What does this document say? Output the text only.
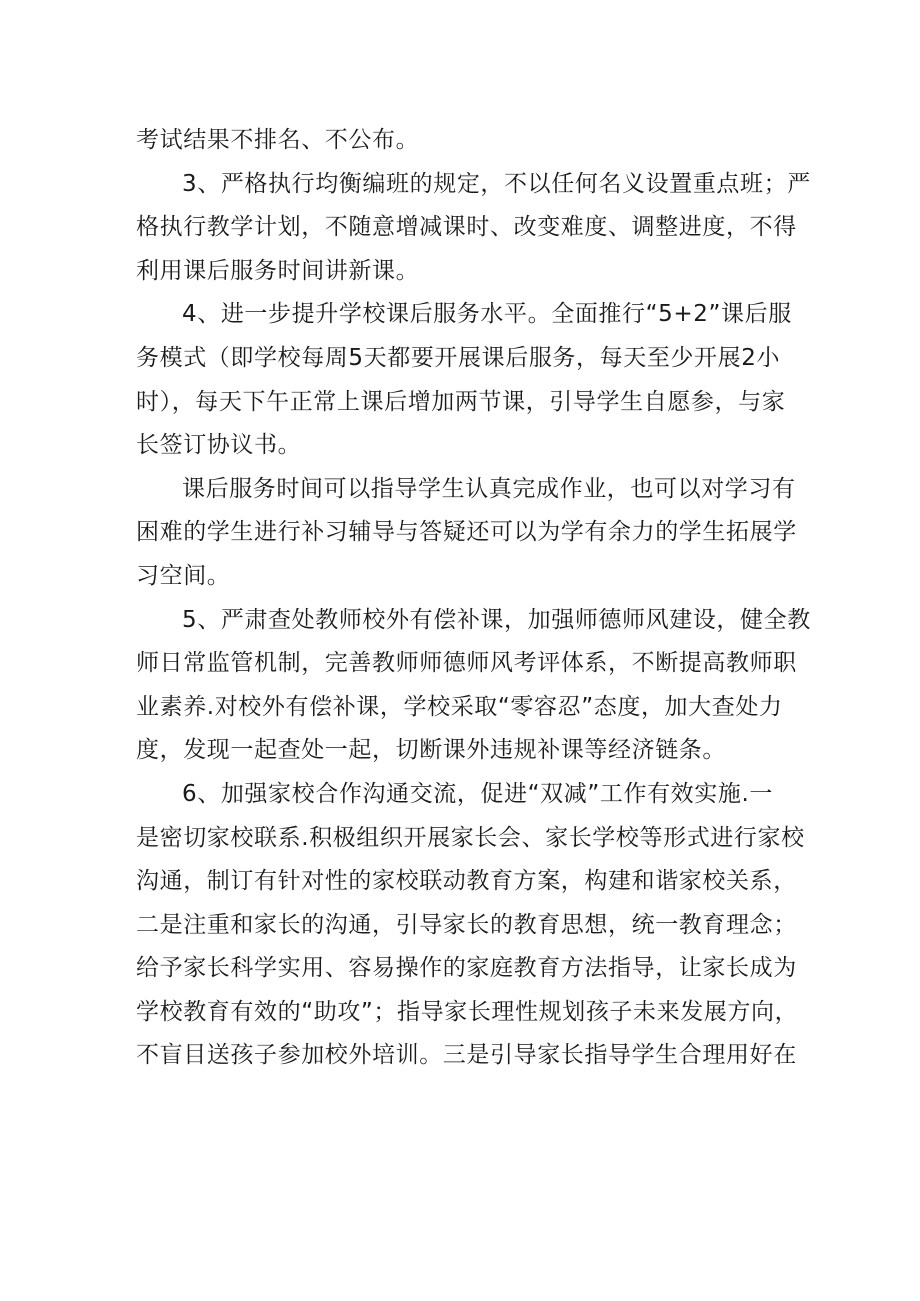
考试结果不排名、不公布。
3、严格执行均衡编班的规定，不以任何名义设置重点班；严
格执行教学计划，不随意增减课时、改变难度、调整进度，不得
利用课后服务时间讲新课。
4、进一步提升学校课后服务水平。全面推行“5+2”课后服
务模式（即学校每周5天都要开展课后服务，每天至少开展2小
时），每天下午正常上课后增加两节课，引导学生自愿参，与家
长签订协议书。
课后服务时间可以指导学生认真完成作业，也可以对学习有
困难的学生进行补习辅导与答疑还可以为学有余力的学生拓展学
习空间。
5、严肃查处教师校外有偿补课，加强师德师风建设，健全教
师日常监管机制，完善教师师德师风考评体系，不断提高教师职
业素养.对校外有偿补课，学校采取“零容忍”态度，加大查处力
度，发现一起查处一起，切断课外违规补课等经济链条。
6、加强家校合作沟通交流，促进“双减”工作有效实施.一
是密切家校联系.积极组织开展家长会、家长学校等形式进行家校
沟通，制订有针对性的家校联动教育方案，构建和谐家校关系，
二是注重和家长的沟通，引导家长的教育思想，统一教育理念；
给予家长科学实用、容易操作的家庭教育方法指导，让家长成为
学校教育有效的“助攻”；指导家长理性规划孩子未来发展方向，
不盲目送孩子参加校外培训。三是引导家长指导学生合理用好在
